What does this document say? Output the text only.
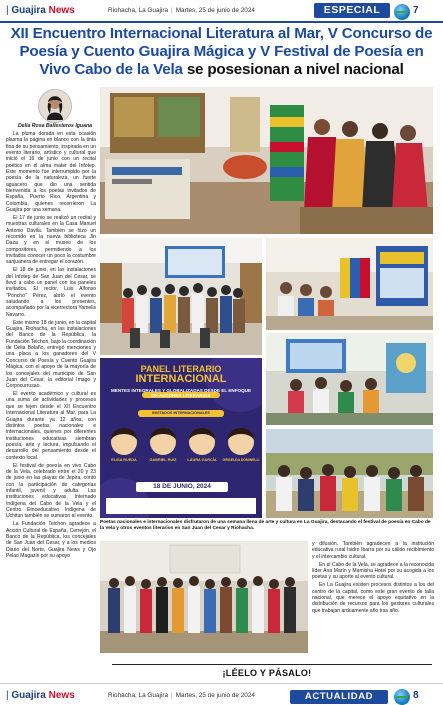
| Guajira News	Riohacha, La Guajira | Martes, 25 de junio de 2024	ESPECIAL	7
XII Encuentro Internacional Literatura al Mar, V Concurso de Poesía y Cuento Guajira Mágica y V Festival de Poesía en Vivo Cabo de la Vela se posesionan a nivel nacional
Delia Rosa Ballesteros Iguana

La pluma dorada en esta ocasión plasma la página en blanco con la tinta fina de su pensamiento, inspirada en un evento literario, artístico y cultural que inició el 16 de junio con un recital poético en el alma mater del Infotep. Este momento fue interrumpido por la poesía de la naturaleza, un fuerte aguacero que dio una sentida bienvenida a los poetas invitados de España, Puerto Rico, Argentina y Colombia, quienes recorrieron La Guajira por una semana.

El 17 de junio se realizó un recital y muestras culturales en la Casa Manuel Antonio Dávila. También se hizo un recorrido en la nueva biblioteca Jin Daza y en el museo de los compositores, permitiendo a los invitados conocer un poco la costumbre sanjuanera de entregar el corazón.

El 18 de junio, en las instalaciones del Infotep de San Juan del Cesar, se llevó a cabo un panel con los paneles invitados. El rector, Luis Alfonso "Poncho" Pérez, abrió el evento saludando a los presentes, acompañado por la vicerrectora Yamelis Navarro.

Este mismo 18 de junio, en la capital Guajira, Riohacha, en las instalaciones del Banco de la República, la Fundación Teichon, bajo la coordinación de Delia Bolaño, entregó menciones y una placa a los ganadores del V Concurso de Poesía y Cuento Guajira Mágica, con el apoyo de la mayoría de los concejales del municipio de San Juan del Cesar, la editorial Imago y Corpocurrusao.

El evento académico y cultural es una suma de actividades y procesos que se tejen desde el XII Encuentro Internacional Literatura al Mar, para La Guajira durante ya 12 años, con distintos poetas nacionales e internacionales, quienes por diferentes instituciones educativas siembran poesía, arte y lectura, impulsando el desarrollo del pensamiento desde el contexto local.

El festival de poesía en vivo Cabo de la Vela, celebrado entre el 20 y 23 de junio en las playas de Jepira, contó con la participación de categorías infantil, juvenil y adulta. Las instituciones educativas Internado Indígena del Cabo de la Vela y el Centro Etnoeducativo Indígena de Uchitun también se sumaron al evento.

La Fundación Teichon agradece a Acción Cultural de España, Cerrejón, el Banco de la República, los concejales de San Juan del Cesar, y a los medios Diario del Norte, Guajira News y Ojo Pelao Magazin por su apoyo

PANEL LITERARIO
INTERNACIONAL
MENTES INTEGRALES Y GLOBALIZADAS DESDE EL ENFOQUE DE AUTORES LITERARIOS
INVITADOS INTERNACIONALES
ELISA RUEDA	GABRIEL RUIZ	LAURA GARCÍA	GRISELDA DOMINELLI
18 DE JUNIO, 2024
Poetas nacionales e internacionales disfrutaron de una semana llena de arte y cultura en La Guajira, destacando el festival de poesía en Cabo de la Vela y otros eventos literarios en San Juan del Cesar y Riohacha.

y difusión. También agradecen a la institución educativa rural Isidro Ibarra por su cálido recibimiento y el intercambio cultural.

En el Cabo de la Vela, se agradece a la reconocida líder Ana Marín y Mamisha Hotel por su acogida a los poetas y su aporte al evento cultural.

En La Guajira existen procesos distintos a los del centro de la capital, como este gran evento de talla nacional, que merece el apoyo equitativo en la distribución de recursos para los gestores culturales que trabajan arduamente año tras año.

¡LÉELO Y PÁSALO!
| Guajira News	Riohacha, La Guajira | Martes, 25 de junio de 2024	ACTUALIDAD	8
